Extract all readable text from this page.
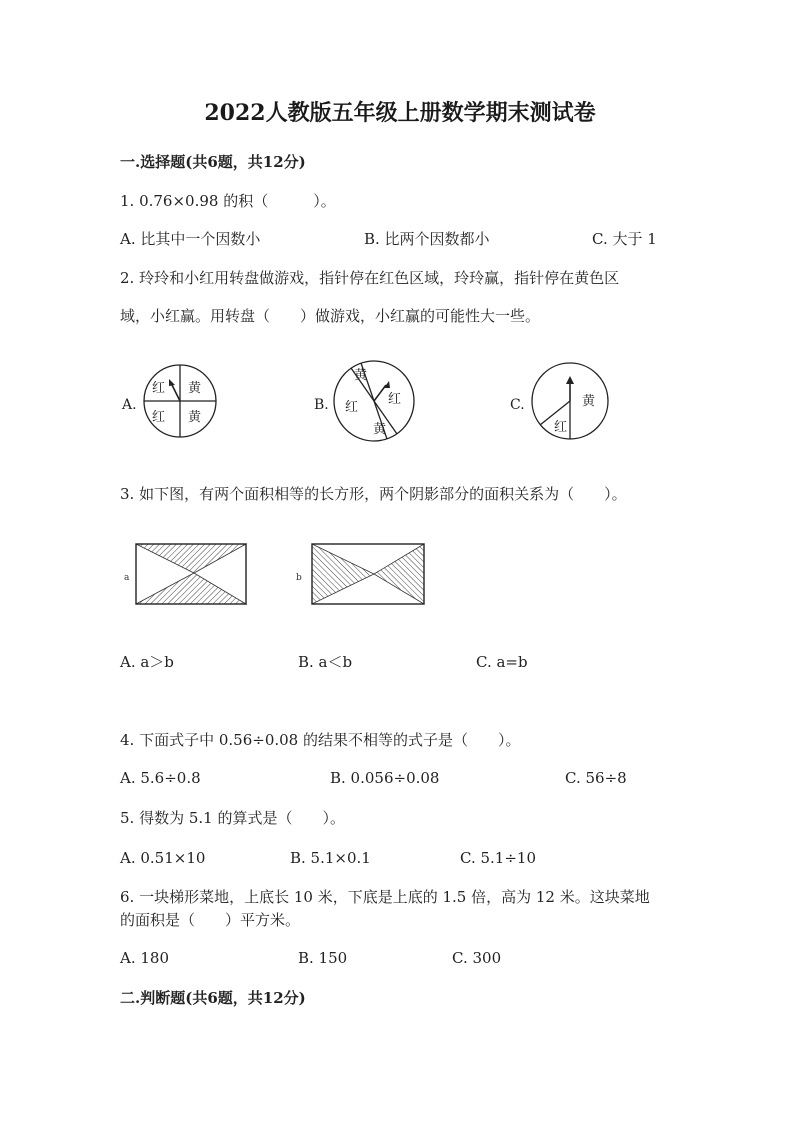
2022人教版五年级上册数学期末测试卷
一.选择题(共6题，共12分)
1. 0.76×0.98 的积（　　　）。
A. 比其中一个因数小	B. 比两个因数都小	C. 大于 1
2. 玲玲和小红用转盘做游戏，指针停在红色区域，玲玲赢，指针停在黄色区
域，小红赢。用转盘（　　）做游戏，小红赢的可能性大一些。
A.
红 黄
红 黄
B.
黄
红
红
黄
C.	黄
红
3. 如下图，有两个面积相等的长方形，两个阴影部分的面积关系为（　　）。
a	b
A. a＞b	B. a＜b	C. a=b
4. 下面式子中 0.56÷0.08 的结果不相等的式子是（　　）。
A. 5.6÷0.8	B. 0.056÷0.08	C. 56÷8
5. 得数为 5.1 的算式是（　　）。
A. 0.51×10	B. 5.1×0.1	C. 5.1÷10
6. 一块梯形菜地，上底长 10 米，下底是上底的 1.5 倍，高为 12 米。这块菜地
的面积是（　　）平方米。
A. 180	B. 150	C. 300
二.判断题(共6题，共12分)
